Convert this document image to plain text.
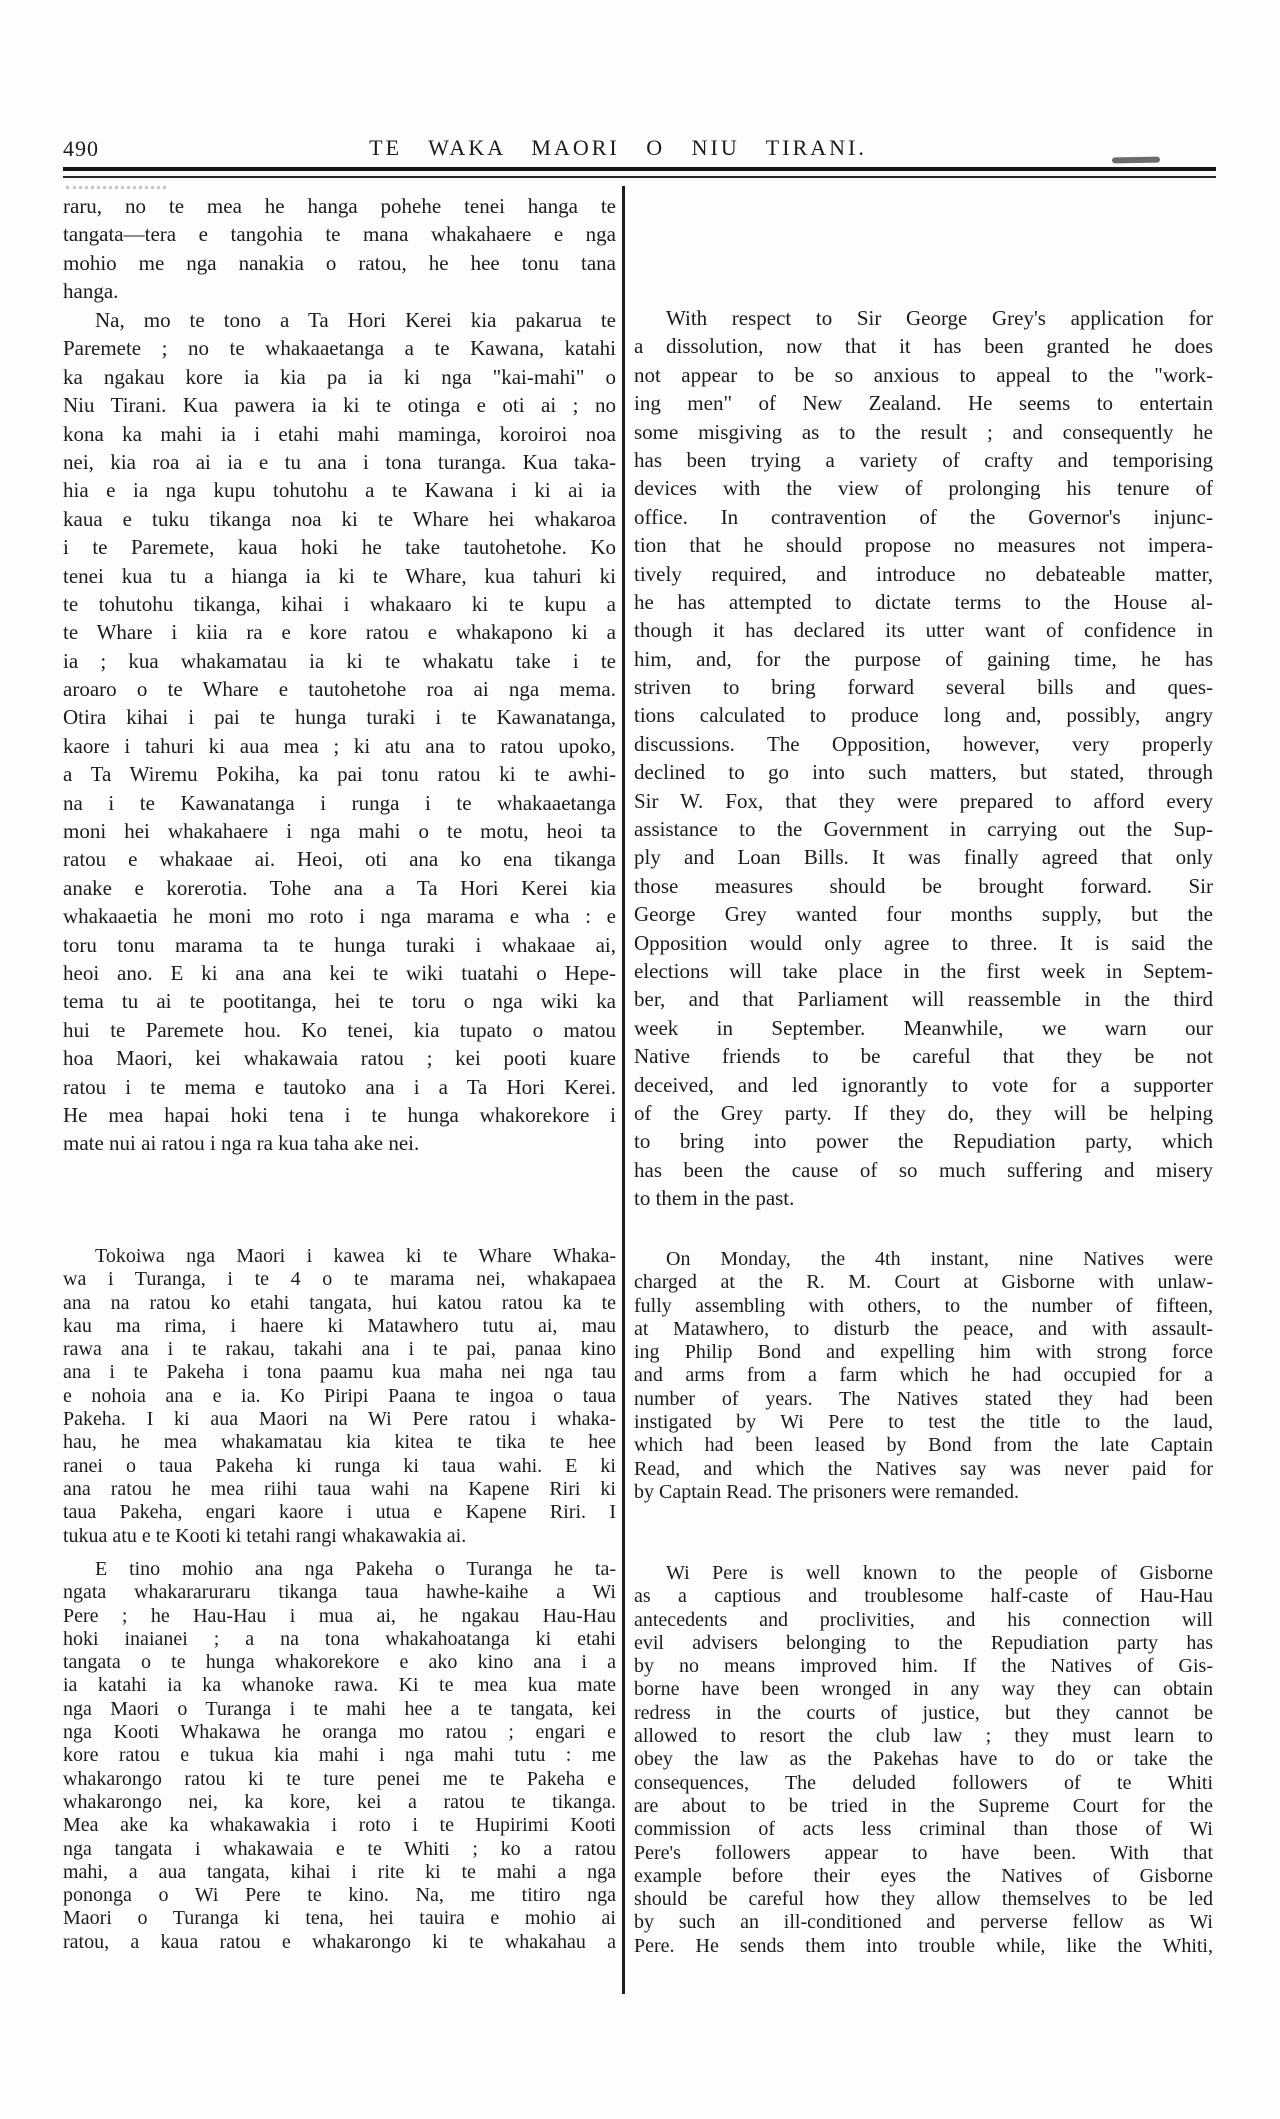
490	TE WAKA MAORI O NIU TIRANI.
raru, no te mea he hanga pohehe tenei hanga te
tangata—tera e tangohia te mana whakahaere e nga
mohio me nga nanakia o ratou, he hee tonu tana
hanga.
Na, mo te tono a Ta Hori Kerei kia pakarua te
Paremete ; no te whakaaetanga a te Kawana, katahi
ka ngakau kore ia kia pa ia ki nga "kai-mahi" o
Niu Tirani. Kua pawera ia ki te otinga e oti ai ; no
kona ka mahi ia i etahi mahi maminga, koroiroi noa
nei, kia roa ai ia e tu ana i tona turanga. Kua taka-
hia e ia nga kupu tohutohu a te Kawana i ki ai ia
kaua e tuku tikanga noa ki te Whare hei whakaroa
i te Paremete, kaua hoki he take tautohetohe. Ko
tenei kua tu a hianga ia ki te Whare, kua tahuri ki
te tohutohu tikanga, kihai i whakaaro ki te kupu a
te Whare i kiia ra e kore ratou e whakapono ki a
ia ; kua whakamatau ia ki te whakatu take i te
aroaro o te Whare e tautohetohe roa ai nga mema.
Otira kihai i pai te hunga turaki i te Kawanatanga,
kaore i tahuri ki aua mea ; ki atu ana to ratou upoko,
a Ta Wiremu Pokiha, ka pai tonu ratou ki te awhi-
na i te Kawanatanga i runga i te whakaaetanga
moni hei whakahaere i nga mahi o te motu, heoi ta
ratou e whakaae ai. Heoi, oti ana ko ena tikanga
anake e korerotia. Tohe ana a Ta Hori Kerei kia
whakaaetia he moni mo roto i nga marama e wha : e
toru tonu marama ta te hunga turaki i whakaae ai,
heoi ano. E ki ana ana kei te wiki tuatahi o Hepe-
tema tu ai te pootitanga, hei te toru o nga wiki ka
hui te Paremete hou. Ko tenei, kia tupato o matou
hoa Maori, kei whakawaia ratou ; kei pooti kuare
ratou i te mema e tautoko ana i a Ta Hori Kerei.
He mea hapai hoki tena i te hunga whakorekore i
mate nui ai ratou i nga ra kua taha ake nei.
Tokoiwa nga Maori i kawea ki te Whare Whaka-
wa i Turanga, i te 4 o te marama nei, whakapaea
ana na ratou ko etahi tangata, hui katou ratou ka te
kau ma rima, i haere ki Matawhero tutu ai, mau
rawa ana i te rakau, takahi ana i te pai, panaa kino
ana i te Pakeha i tona paamu kua maha nei nga tau
e nohoia ana e ia. Ko Piripi Paana te ingoa o taua
Pakeha. I ki aua Maori na Wi Pere ratou i whaka-
hau, he mea whakamatau kia kitea te tika te hee
ranei o taua Pakeha ki runga ki taua wahi. E ki
ana ratou he mea riihi taua wahi na Kapene Riri ki
taua Pakeha, engari kaore i utua e Kapene Riri. I
tukua atu e te Kooti ki tetahi rangi whakawakia ai.
E tino mohio ana nga Pakeha o Turanga he ta-
ngata whakararuraru tikanga taua hawhe-kaihe a Wi
Pere ; he Hau-Hau i mua ai, he ngakau Hau-Hau
hoki inaianei ; a na tona whakahoatanga ki etahi
tangata o te hunga whakorekore e ako kino ana i a
ia katahi ia ka whanoke rawa. Ki te mea kua mate
nga Maori o Turanga i te mahi hee a te tangata, kei
nga Kooti Whakawa he oranga mo ratou ; engari e
kore ratou e tukua kia mahi i nga mahi tutu : me
whakarongo ratou ki te ture penei me te Pakeha e
whakarongo nei, ka kore, kei a ratou te tikanga.
Mea ake ka whakawakia i roto i te Hupirimi Kooti
nga tangata i whakawaia e te Whiti ; ko a ratou
mahi, a aua tangata, kihai i rite ki te mahi a nga
pononga o Wi Pere te kino. Na, me titiro nga
Maori o Turanga ki tena, hei tauira e mohio ai
ratou, a kaua ratou e whakarongo ki te whakahau a
With respect to Sir George Grey's application for
a dissolution, now that it has been granted he does
not appear to be so anxious to appeal to the "work-
ing men" of New Zealand. He seems to entertain
some misgiving as to the result ; and consequently he
has been trying a variety of crafty and temporising
devices with the view of prolonging his tenure of
office. In contravention of the Governor's injunc-
tion that he should propose no measures not impera-
tively required, and introduce no debateable matter,
he has attempted to dictate terms to the House al-
though it has declared its utter want of confidence in
him, and, for the purpose of gaining time, he has
striven to bring forward several bills and ques-
tions calculated to produce long and, possibly, angry
discussions. The Opposition, however, very properly
declined to go into such matters, but stated, through
Sir W. Fox, that they were prepared to afford every
assistance to the Government in carrying out the Sup-
ply and Loan Bills. It was finally agreed that only
those measures should be brought forward. Sir
George Grey wanted four months supply, but the
Opposition would only agree to three. It is said the
elections will take place in the first week in Septem-
ber, and that Parliament will reassemble in the third
week in September. Meanwhile, we warn our
Native friends to be careful that they be not
deceived, and led ignorantly to vote for a supporter
of the Grey party. If they do, they will be helping
to bring into power the Repudiation party, which
has been the cause of so much suffering and misery
to them in the past.
On Monday, the 4th instant, nine Natives were
charged at the R. M. Court at Gisborne with unlaw-
fully assembling with others, to the number of fifteen,
at Matawhero, to disturb the peace, and with assault-
ing Philip Bond and expelling him with strong force
and arms from a farm which he had occupied for a
number of years. The Natives stated they had been
instigated by Wi Pere to test the title to the laud,
which had been leased by Bond from the late Captain
Read, and which the Natives say was never paid for
by Captain Read. The prisoners were remanded.
Wi Pere is well known to the people of Gisborne
as a captious and troublesome half-caste of Hau-Hau
antecedents and proclivities, and his connection will
evil advisers belonging to the Repudiation party has
by no means improved him. If the Natives of Gis-
borne have been wronged in any way they can obtain
redress in the courts of justice, but they cannot be
allowed to resort the club law ; they must learn to
obey the law as the Pakehas have to do or take the
consequences, The deluded followers of te Whiti
are about to be tried in the Supreme Court for the
commission of acts less criminal than those of Wi
Pere's followers appear to have been. With that
example before their eyes the Natives of Gisborne
should be careful how they allow themselves to be led
by such an ill-conditioned and perverse fellow as Wi
Pere. He sends them into trouble while, like the Whiti,
